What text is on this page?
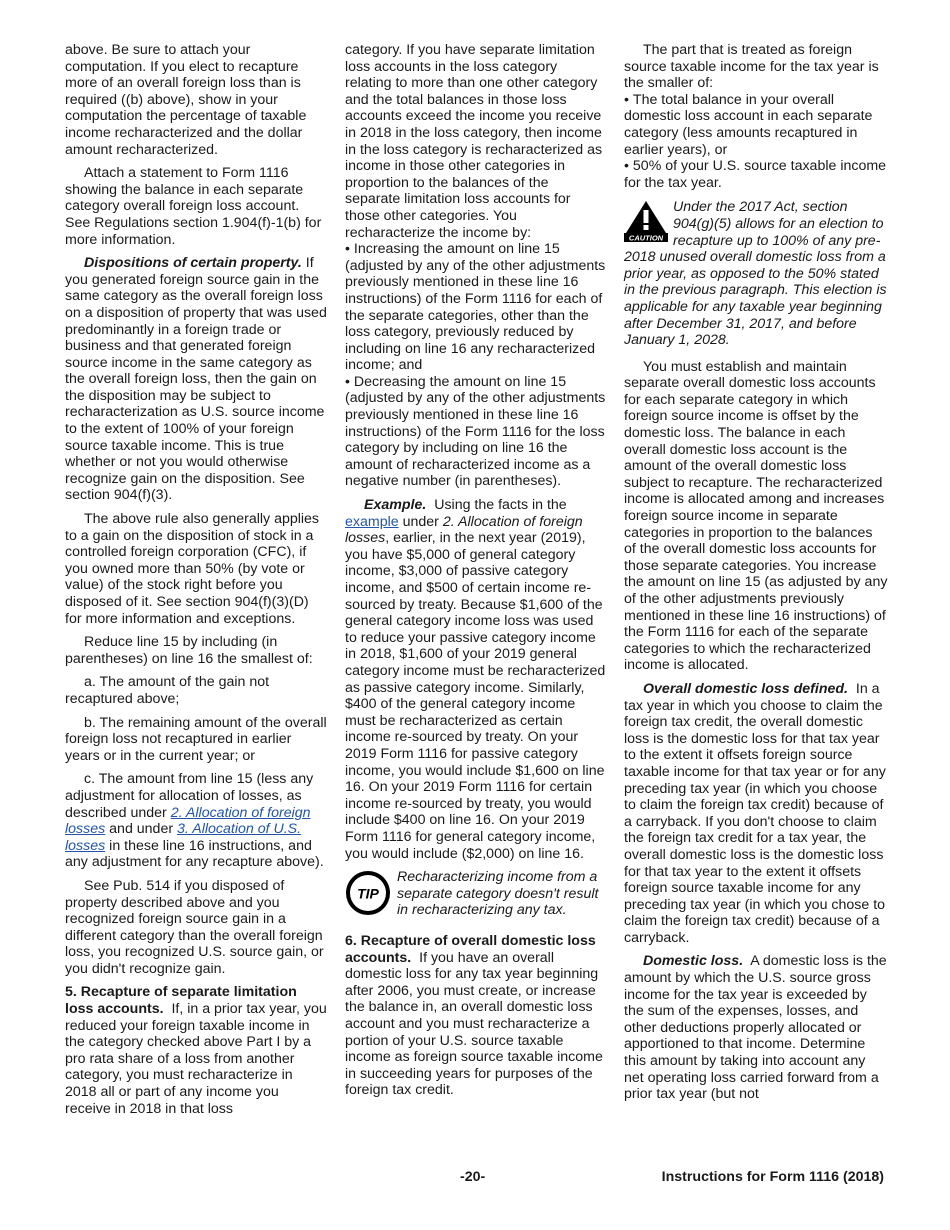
above. Be sure to attach your computation. If you elect to recapture more of an overall foreign loss than is required ((b) above), show in your computation the percentage of taxable income recharacterized and the dollar amount recharacterized.

Attach a statement to Form 1116 showing the balance in each separate category overall foreign loss account. See Regulations section 1.904(f)-1(b) for more information.

Dispositions of certain property. If you generated foreign source gain in the same category as the overall foreign loss on a disposition of property that was used predominantly in a foreign trade or business and that generated foreign source income in the same category as the overall foreign loss, then the gain on the disposition may be subject to recharacterization as U.S. source income to the extent of 100% of your foreign source taxable income. This is true whether or not you would otherwise recognize gain on the disposition. See section 904(f)(3).

The above rule also generally applies to a gain on the disposition of stock in a controlled foreign corporation (CFC), if you owned more than 50% (by vote or value) of the stock right before you disposed of it. See section 904(f)(3)(D) for more information and exceptions.

Reduce line 15 by including (in parentheses) on line 16 the smallest of:

a. The amount of the gain not recaptured above;

b. The remaining amount of the overall foreign loss not recaptured in earlier years or in the current year; or

c. The amount from line 15 (less any adjustment for allocation of losses, as described under 2. Allocation of foreign losses and under 3. Allocation of U.S. losses in these line 16 instructions, and any adjustment for any recapture above).

See Pub. 514 if you disposed of property described above and you recognized foreign source gain in a different category than the overall foreign loss, you recognized U.S. source gain, or you didn't recognize gain.

5. Recapture of separate limitation loss accounts. If, in a prior tax year, you reduced your foreign taxable income in the category checked above Part I by a pro rata share of a loss from another category, you must recharacterize in 2018 all or part of any income you receive in 2018 in that loss

category. If you have separate limitation loss accounts in the loss category relating to more than one other category and the total balances in those loss accounts exceed the income you receive in 2018 in the loss category, then income in the loss category is recharacterized as income in those other categories in proportion to the balances of the separate limitation loss accounts for those other categories. You recharacterize the income by:

• Increasing the amount on line 15 (adjusted by any of the other adjustments previously mentioned in these line 16 instructions) of the Form 1116 for each of the separate categories, other than the loss category, previously reduced by including on line 16 any recharacterized income; and

• Decreasing the amount on line 15 (adjusted by any of the other adjustments previously mentioned in these line 16 instructions) of the Form 1116 for the loss category by including on line 16 the amount of recharacterized income as a negative number (in parentheses).

Example. Using the facts in the example under 2. Allocation of foreign losses, earlier, in the next year (2019), you have $5,000 of general category income, $3,000 of passive category income, and $500 of certain income re-sourced by treaty. Because $1,600 of the general category income loss was used to reduce your passive category income in 2018, $1,600 of your 2019 general category income must be recharacterized as passive category income. Similarly, $400 of the general category income must be recharacterized as certain income re-sourced by treaty. On your 2019 Form 1116 for passive category income, you would include $1,600 on line 16. On your 2019 Form 1116 for certain income re-sourced by treaty, you would include $400 on line 16. On your 2019 Form 1116 for general category income, you would include ($2,000) on line 16.

TIP
Recharacterizing income from a separate category doesn't result in recharacterizing any tax.

6. Recapture of overall domestic loss accounts. If you have an overall domestic loss for any tax year beginning after 2006, you must create, or increase the balance in, an overall domestic loss account and you must recharacterize a portion of your U.S. source taxable income as foreign source taxable income in succeeding years for purposes of the foreign tax credit.

The part that is treated as foreign source taxable income for the tax year is the smaller of:

• The total balance in your overall domestic loss account in each separate category (less amounts recaptured in earlier years), or

• 50% of your U.S. source taxable income for the tax year.

CAUTION
Under the 2017 Act, section 904(g)(5) allows for an election to recapture up to 100% of any pre-2018 unused overall domestic loss from a prior year, as opposed to the 50% stated in the previous paragraph. This election is applicable for any taxable year beginning after December 31, 2017, and before January 1, 2028.

You must establish and maintain separate overall domestic loss accounts for each separate category in which foreign source income is offset by the domestic loss. The balance in each overall domestic loss account is the amount of the overall domestic loss subject to recapture. The recharacterized income is allocated among and increases foreign source income in separate categories in proportion to the balances of the overall domestic loss accounts for those separate categories. You increase the amount on line 15 (as adjusted by any of the other adjustments previously mentioned in these line 16 instructions) of the Form 1116 for each of the separate categories to which the recharacterized income is allocated.

Overall domestic loss defined. In a tax year in which you choose to claim the foreign tax credit, the overall domestic loss is the domestic loss for that tax year to the extent it offsets foreign source taxable income for that tax year or for any preceding tax year (in which you choose to claim the foreign tax credit) because of a carryback. If you don't choose to claim the foreign tax credit for a tax year, the overall domestic loss is the domestic loss for that tax year to the extent it offsets foreign source taxable income for any preceding tax year (in which you chose to claim the foreign tax credit) because of a carryback.

Domestic loss. A domestic loss is the amount by which the U.S. source gross income for the tax year is exceeded by the sum of the expenses, losses, and other deductions properly allocated or apportioned to that income. Determine this amount by taking into account any net operating loss carried forward from a prior tax year (but not

-20-	Instructions for Form 1116 (2018)
